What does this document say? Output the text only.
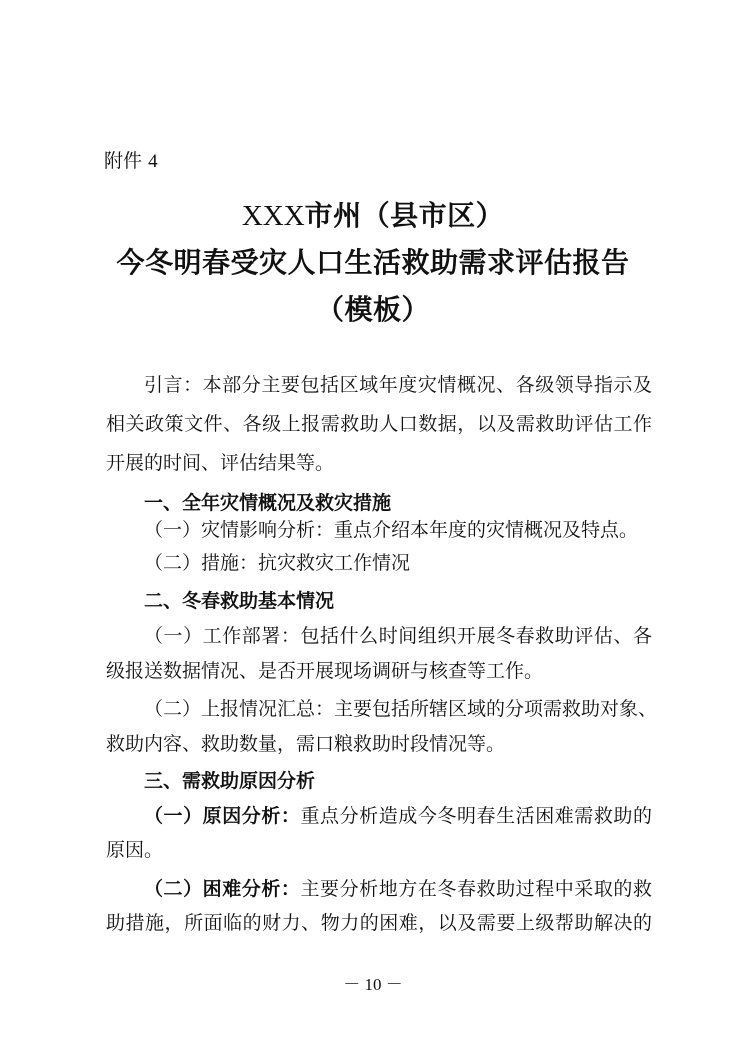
附件 4
XXX市州（县市区）
今冬明春受灾人口生活救助需求评估报告
（模板）
引言：本部分主要包括区域年度灾情概况、各级领导指示及
相关政策文件、各级上报需救助人口数据，以及需救助评估工作
开展的时间、评估结果等。
一、全年灾情概况及救灾措施
（一）灾情影响分析：重点介绍本年度的灾情概况及特点。
（二）措施：抗灾救灾工作情况
二、冬春救助基本情况
（一）工作部署：包括什么时间组织开展冬春救助评估、各
级报送数据情况、是否开展现场调研与核查等工作。
（二）上报情况汇总：主要包括所辖区域的分项需救助对象、
救助内容、救助数量，需口粮救助时段情况等。
三、需救助原因分析
（一）原因分析：重点分析造成今冬明春生活困难需救助的
原因。
（二）困难分析：主要分析地方在冬春救助过程中采取的救
助措施，所面临的财力、物力的困难，以及需要上级帮助解决的
－ 10 －
